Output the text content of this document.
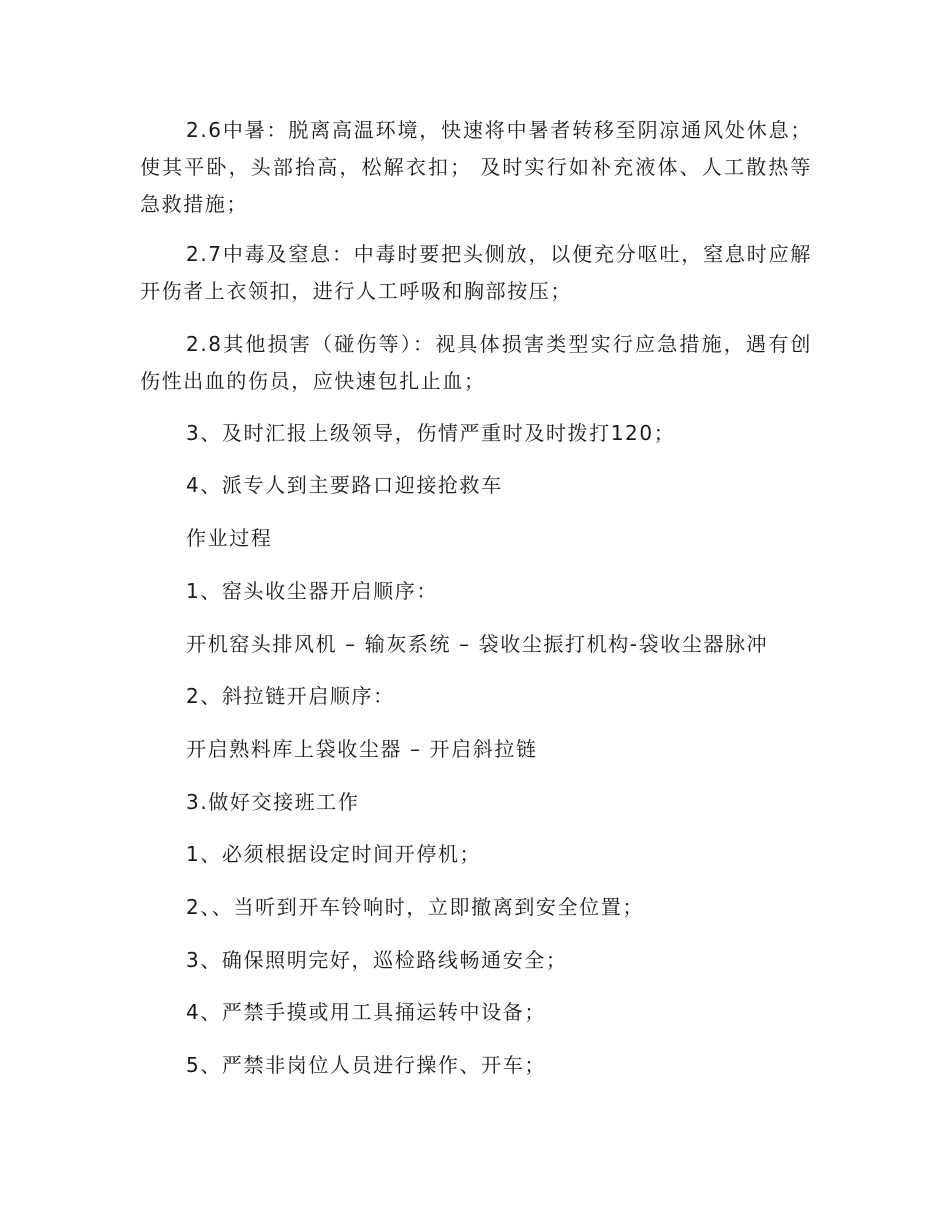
2.6中暑：脱离高温环境，快速将中暑者转移至阴凉通风处休息；使其平卧，头部抬高，松解衣扣； 及时实行如补充液体、人工散热等急救措施；
2.7中毒及窒息：中毒时要把头侧放，以便充分呕吐，窒息时应解开伤者上衣领扣，进行人工呼吸和胸部按压；
2.8其他损害（碰伤等）：视具体损害类型实行应急措施，遇有创伤性出血的伤员，应快速包扎止血；
3、及时汇报上级领导，伤情严重时及时拨打120；
4、派专人到主要路口迎接抢救车
作业过程
1、窑头收尘器开启顺序：
开机窑头排风机 – 输灰系统 – 袋收尘振打机构-袋收尘器脉冲
2、斜拉链开启顺序：
开启熟料库上袋收尘器 – 开启斜拉链
3.做好交接班工作
1、必须根据设定时间开停机；
2、、当听到开车铃响时，立即撤离到安全位置；
3、确保照明完好，巡检路线畅通安全；
4、严禁手摸或用工具捅运转中设备；
5、严禁非岗位人员进行操作、开车；
